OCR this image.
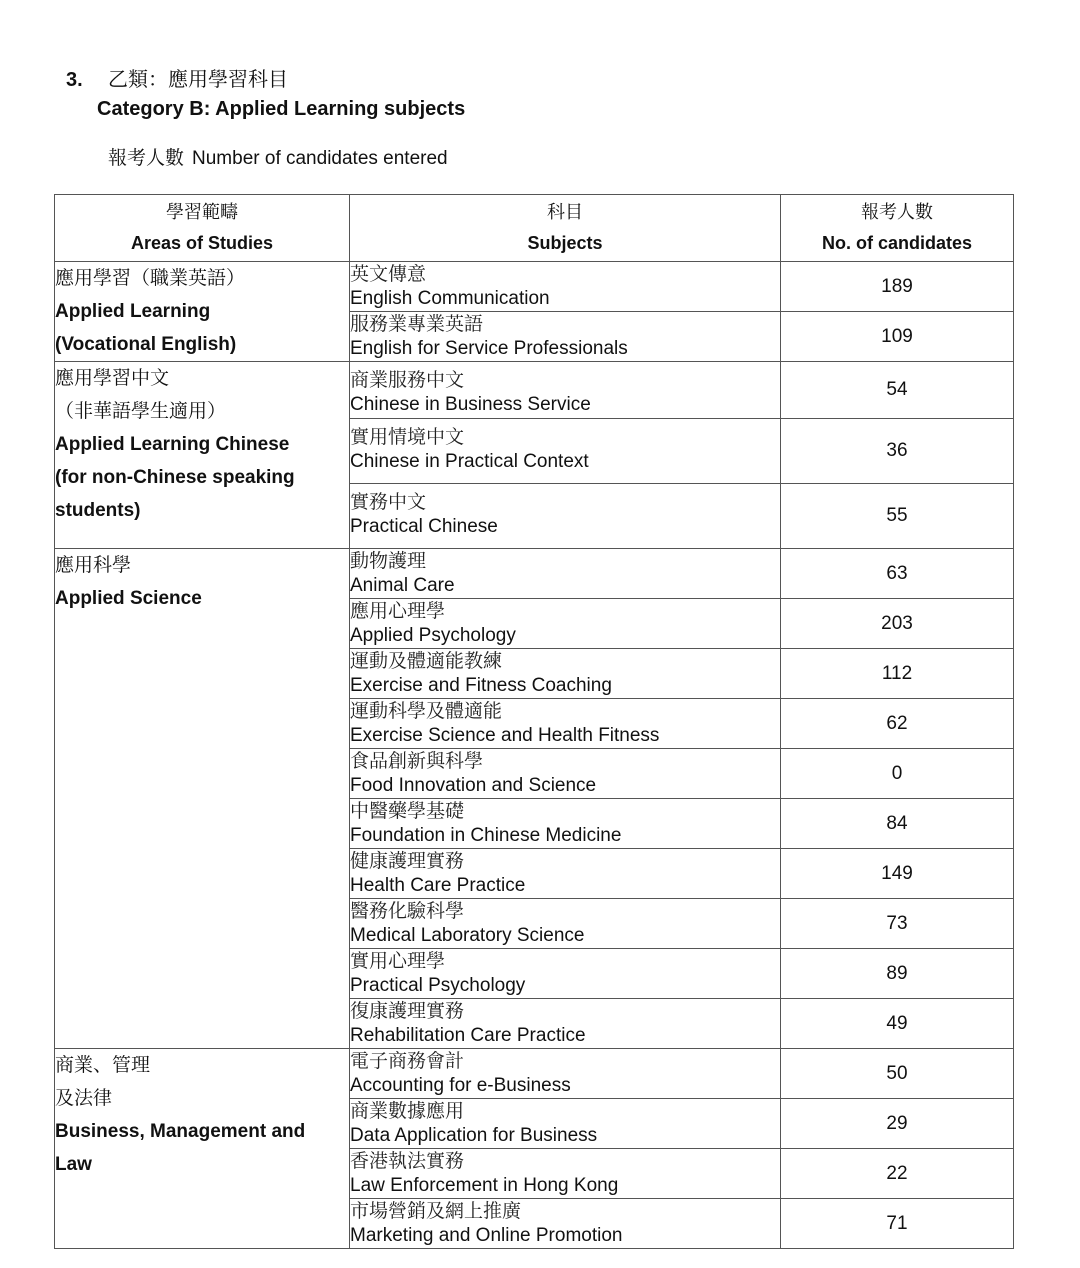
3. 乙類：應用學習科目
Category B: Applied Learning subjects
報考人數 Number of candidates entered
學習範疇
Areas of Studies	科目
Subjects	報考人數
No. of candidates

應用學習（職業英語）
Applied Learning
(Vocational English)	英文傳意
English Communication	189

	服務業專業英語
English for Service Professionals	109

應用學習中文
（非華語學生適用）
Applied Learning Chinese
(for non-Chinese speaking
students)	商業服務中文
Chinese in Business Service	54

	實用情境中文
Chinese in Practical Context	36

	實務中文
Practical Chinese	55

應用科學
Applied Science	動物護理
Animal Care	63

	應用心理學
Applied Psychology	203

	運動及體適能教練
Exercise and Fitness Coaching	112

	運動科學及體適能
Exercise Science and Health Fitness	62

	食品創新與科學
Food Innovation and Science	0

	中醫藥學基礎
Foundation in Chinese Medicine	84

	健康護理實務
Health Care Practice	149

	醫務化驗科學
Medical Laboratory Science	73

	實用心理學
Practical Psychology	89

	復康護理實務
Rehabilitation Care Practice	49

商業、管理
及法律
Business, Management and
Law	電子商務會計
Accounting for e-Business	50

	商業數據應用
Data Application for Business	29

	香港執法實務
Law Enforcement in Hong Kong	22

	市場營銷及網上推廣
Marketing and Online Promotion	71
